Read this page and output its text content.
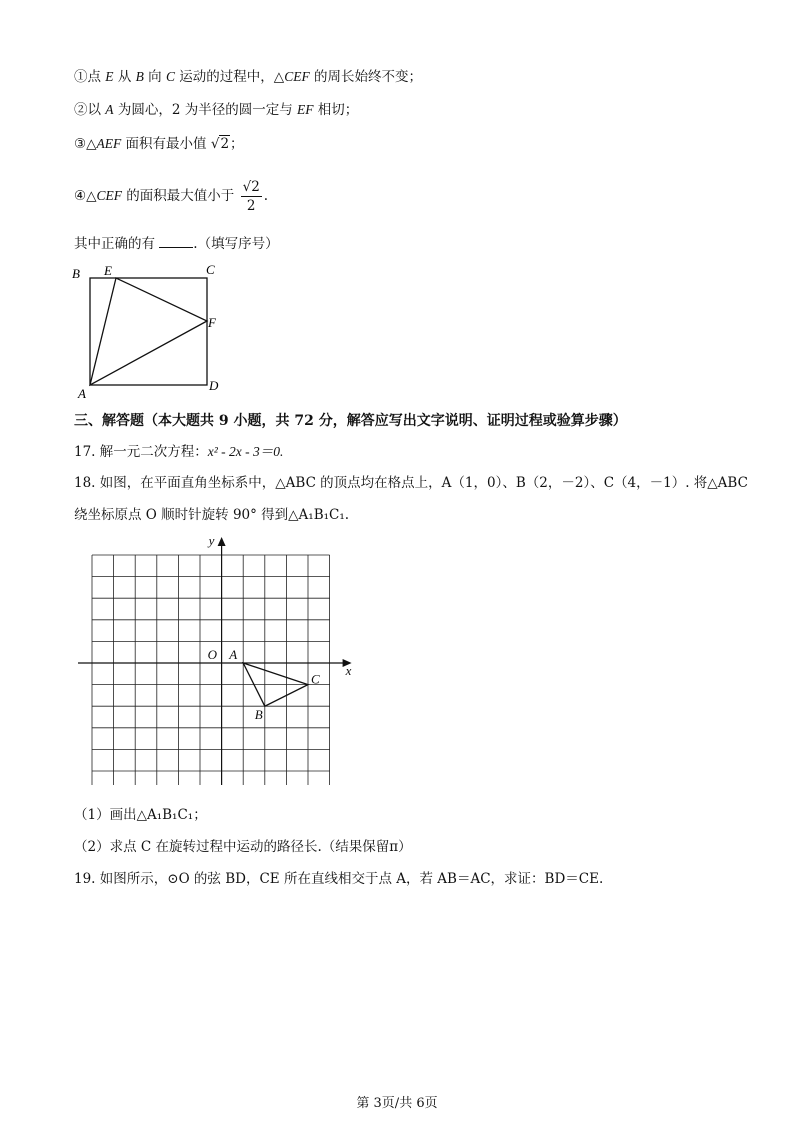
①点 E 从 B 向 C 运动的过程中，△CEF 的周长始终不变；
②以 A 为圆心，2 为半径的圆一定与 EF 相切；
③△AEF 面积有最小值 √2；
④△CEF 的面积最大值小于 $\frac{√2}{2}$ .
其中正确的有	.（填写序号）
B E	C
F
A
D
三、解答题（本大题共 9 小题，共 72 分，解答应写出文字说明、证明过程或验算步骤）
17. 解一元二次方程：x² - 2x - 3＝0.
18. 如图，在平面直角坐标系中，△ABC 的顶点均在格点上，A（1，0）、B（2，－2）、C（4，－1）. 将△ABC
绕坐标原点 O 顺时针旋转 90° 得到△A₁B₁C₁.
x
y
O A
B
C
（1）画出△A₁B₁C₁；
（2）求点 C 在旋转过程中运动的路径长.（结果保留π）
19. 如图所示，⊙O 的弦 BD，CE 所在直线相交于点 A，若 AB＝AC，求证：BD＝CE.
第 3页/共 6页
